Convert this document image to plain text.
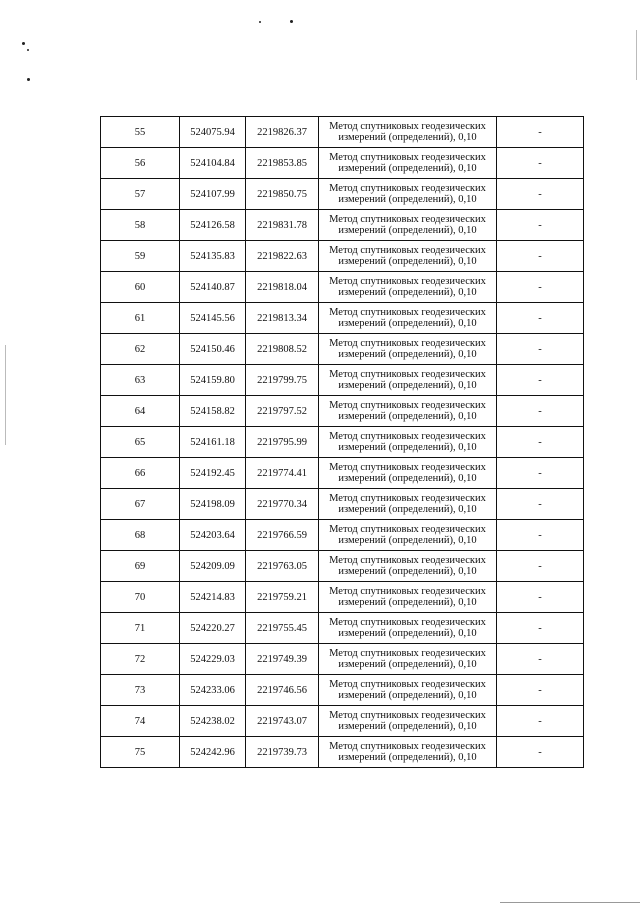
55	524075.94	2219826.37	Метод спутниковых геодезических измерений (определений), 0,10	-
56	524104.84	2219853.85	Метод спутниковых геодезических измерений (определений), 0,10	-
57	524107.99	2219850.75	Метод спутниковых геодезических измерений (определений), 0,10	-
58	524126.58	2219831.78	Метод спутниковых геодезических измерений (определений), 0,10	-
59	524135.83	2219822.63	Метод спутниковых геодезических измерений (определений), 0,10	-
60	524140.87	2219818.04	Метод спутниковых геодезических измерений (определений), 0,10	-
61	524145.56	2219813.34	Метод спутниковых геодезических измерений (определений), 0,10	-
62	524150.46	2219808.52	Метод спутниковых геодезических измерений (определений), 0,10	-
63	524159.80	2219799.75	Метод спутниковых геодезических измерений (определений), 0,10	-
64	524158.82	2219797.52	Метод спутниковых геодезических измерений (определений), 0,10	-
65	524161.18	2219795.99	Метод спутниковых геодезических измерений (определений), 0,10	-
66	524192.45	2219774.41	Метод спутниковых геодезических измерений (определений), 0,10	-
67	524198.09	2219770.34	Метод спутниковых геодезических измерений (определений), 0,10	-
68	524203.64	2219766.59	Метод спутниковых геодезических измерений (определений), 0,10	-
69	524209.09	2219763.05	Метод спутниковых геодезических измерений (определений), 0,10	-
70	524214.83	2219759.21	Метод спутниковых геодезических измерений (определений), 0,10	-
71	524220.27	2219755.45	Метод спутниковых геодезических измерений (определений), 0,10	-
72	524229.03	2219749.39	Метод спутниковых геодезических измерений (определений), 0,10	-
73	524233.06	2219746.56	Метод спутниковых геодезических измерений (определений), 0,10	-
74	524238.02	2219743.07	Метод спутниковых геодезических измерений (определений), 0,10	-
75	524242.96	2219739.73	Метод спутниковых геодезических измерений (определений), 0,10	-
